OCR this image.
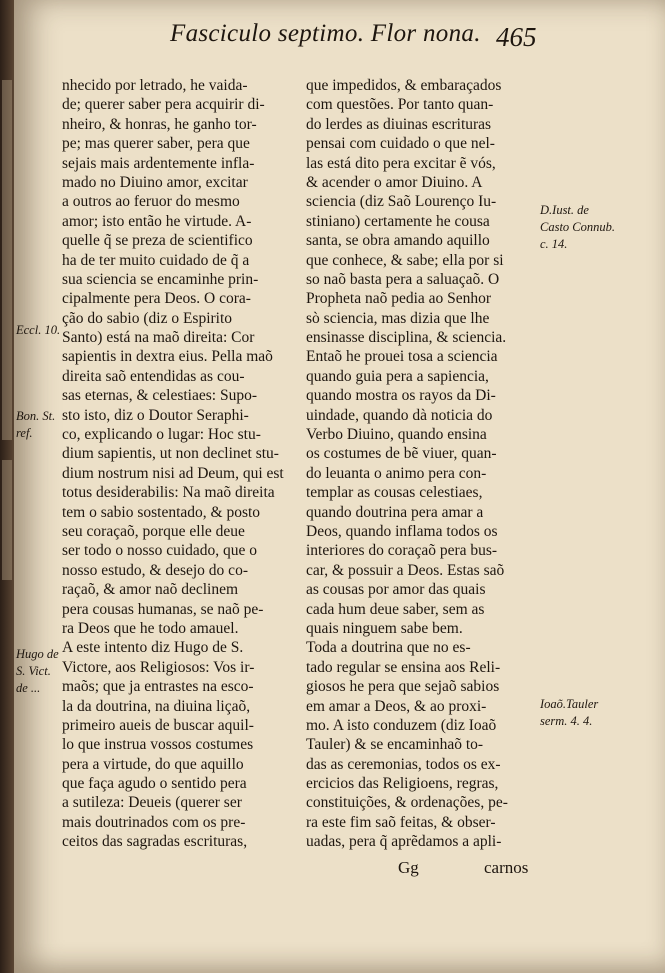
Fasciculo septimo. Flor nona. 465
nhecido por letrado, he vaida-
de; querer saber pera acquirir di-
nheiro, & honras, he ganho tor-
pe; mas querer saber, pera que
sejais mais ardentemente infla-
mado no Diuino amor, excitar
a outros ao feruor do mesmo
amor; isto então he virtude. A-
quelle q̃ se preza de scientifico
ha de ter muito cuidado de q̃ a
sua sciencia se encaminhe prin-
cipalmente pera Deos. O cora-
ção do sabio (diz o Espirito
Santo) está na maõ direita: Cor
sapientis in dextra eius. Pella maõ
direita saõ entendidas as cou-
sas eternas, & celestiaes: Supo-
sto isto, diz o Doutor Seraphi-
co, explicando o lugar: Hoc stu-
dium sapientis, ut non declinet stu-
dium nostrum nisi ad Deum, qui est
totus desiderabilis: Na maõ direita
tem o sabio sostentado, & posto
seu coraçaõ, porque elle deue
ser todo o nosso cuidado, que o
nosso estudo, & desejo do co-
raçaõ, & amor naõ declinem
pera cousas humanas, se naõ pe-
ra Deos que he todo amauel.
A este intento diz Hugo de S.
Victore, aos Religiosos: Vos ir-
maõs; que ja entrastes na esco-
la da doutrina, na diuina liçaõ,
primeiro aueis de buscar aquil-
lo que instrua vossos costumes
pera a virtude, do que aquillo
que faça agudo o sentido pera
a sutileza: Deueis (querer ser
mais doutrinados com os pre-
ceitos das sagradas escrituras,
que impedidos, & embaraçados
com questões. Por tanto quan-
do lerdes as diuinas escrituras
pensai com cuidado o que nel-
las está dito pera excitar ẽ vós,
& acender o amor Diuino. A
sciencia (diz Saõ Lourenço Iu-
stiniano) certamente he cousa
santa, se obra amando aquillo
que conhece, & sabe; ella por si
so naõ basta pera a saluaçaõ. O
Propheta naõ pedia ao Senhor
sò sciencia, mas dizia que lhe
ensinasse disciplina, & sciencia.
Entaõ he prouei tosa a sciencia
quando guia pera a sapiencia,
quando mostra os rayos da Di-
uindade, quando dà noticia do
Verbo Diuino, quando ensina
os costumes de bẽ viuer, quan-
do leuanta o animo pera con-
templar as cousas celestiaes,
quando doutrina pera amar a
Deos, quando inflama todos os
interiores do coraçaõ pera bus-
car, & possuir a Deos. Estas saõ
as cousas por amor das quais
cada hum deue saber, sem as
quais ninguem sabe bem.
Toda a doutrina que no es-
tado regular se ensina aos Reli-
giosos he pera que sejaõ sabios
em amar a Deos, & ao proxi-
mo. A isto conduzem (diz Ioaõ
Tauler) & se encaminhaõ to-
das as ceremonias, todos os ex-
ercicios das Religioens, regras,
constituições, & ordenações, pe-
ra este fim saõ feitas, & obser-
uadas, pera q̃ aprẽdamos a apli-
Eccl. 10.
Bon. St. ref.
Hugo de S. Vict. de ...
D.Iust. de Casto Connub. c. 14.
Ioaõ.Tauler serm. 4. 4.
Gg	carnos
